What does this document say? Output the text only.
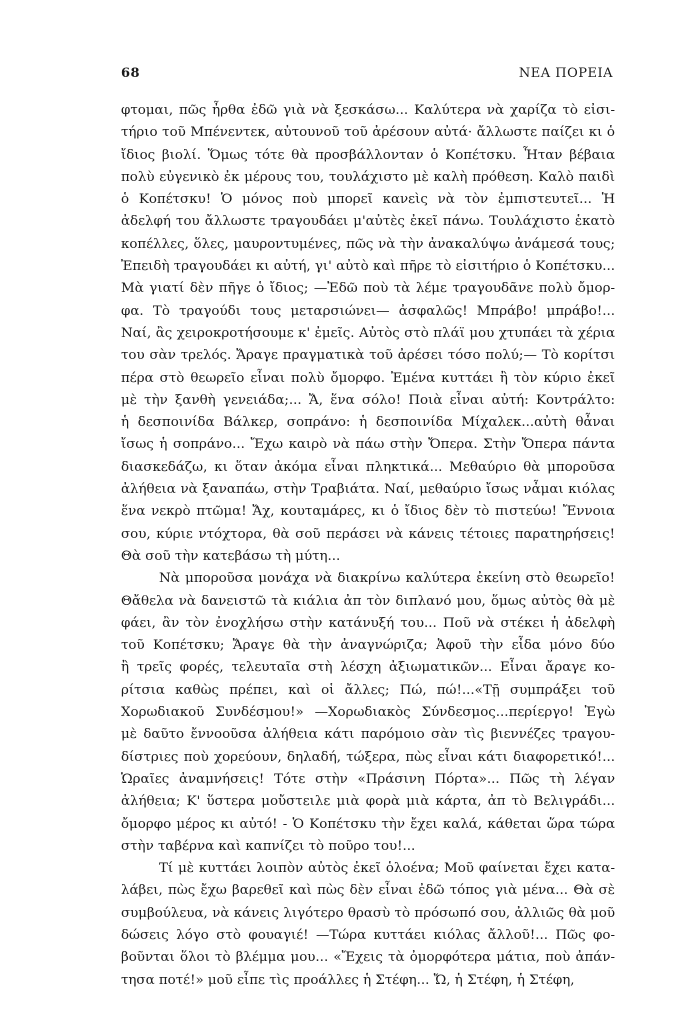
68	ΝΕΑ ΠΟΡΕΙΑ
φτομαι, πῶς ἦρθα ἐδῶ γιὰ νὰ ξεσκάσω... Καλύτερα νὰ χαρίζα τὸ εἰσι-
τήριο τοῦ Μπένεντεκ, αὐτουνοῦ τοῦ ἀρέσουν αὐτά· ἄλλωστε παίζει κι ὁ
ἴδιος βιολί. Ὅμως τότε θὰ προσβάλλονταν ὁ Κοπέτσκυ. Ἦταν βέβαια
πολὺ εὐγενικὸ ἐκ μέρους του, τουλάχιστο μὲ καλὴ πρόθεση. Καλὸ παιδὶ
ὁ Κοπέτσκυ! Ὁ μόνος ποὺ μπορεῖ κανεὶς νὰ τὸν ἐμπιστευτεῖ... Ἡ
ἀδελφή του ἄλλωστε τραγουδάει μ'αὐτὲς ἐκεῖ πάνω. Τουλάχιστο ἑκατὸ
κοπέλλες, ὅλες, μαυροντυμένες, πῶς νὰ τὴν ἀνακαλύψω ἀνάμεσά τους;
Ἐπειδὴ τραγουδάει κι αὐτή, γι' αὐτὸ καὶ πῆρε τὸ εἰσιτήριο ὁ Κοπέτσκυ...
Μὰ γιατί δὲν πῆγε ὁ ἴδιος; —Ἐδῶ ποὺ τὰ λέμε τραγουδᾶνε πολὺ ὄμορ-
φα. Τὸ τραγούδι τους μεταρσιώνει— ἀσφαλῶς! Μπράβο! μπράβο!...
Ναί, ἂς χειροκροτήσουμε κ' ἐμεῖς. Αὐτὸς στὸ πλάϊ μου χτυπάει τὰ χέρια
του σὰν τρελός. Ἄραγε πραγματικὰ τοῦ ἀρέσει τόσο πολύ;— Τὸ κορίτσι
πέρα στὸ θεωρεῖο εἶναι πολὺ ὄμορφο. Ἐμένα κυττάει ἢ τὸν κύριο ἐκεῖ
μὲ τὴν ξανθὴ γενειάδα;... Ἄ, ἕνα σόλο! Ποιὰ εἶναι αὐτή: Κοντράλτο:
ἡ δεσποινίδα Βάλκερ, σοπράνο: ἡ δεσποινίδα Μίχαλεκ...αὐτὴ θἆναι
ἴσως ἡ σοπράνο... Ἔχω καιρὸ νὰ πάω στὴν Ὄπερα. Στὴν Ὄπερα πάντα
διασκεδάζω, κι ὅταν ἀκόμα εἶναι πληκτικά... Μεθαύριο θὰ μποροῦσα
ἀλήθεια νὰ ξαναπάω, στὴν Τραβιάτα. Ναί, μεθαύριο ἴσως νἆμαι κιόλας
ἕνα νεκρὸ πτῶμα! Ἄχ, κουταμάρες, κι ὁ ἴδιος δὲν τὸ πιστεύω! Ἔννοια
σου, κύριε ντόχτορα, θὰ σοῦ περάσει νὰ κάνεις τέτοιες παρατηρήσεις!
Θὰ σοῦ τὴν κατεβάσω τὴ μύτη...
Νὰ μποροῦσα μονάχα νὰ διακρίνω καλύτερα ἐκείνη στὸ θεωρεῖο!
Θἄθελα νὰ δανειστῶ τὰ κιάλια ἀπ τὸν διπλανό μου, ὅμως αὐτὸς θὰ μὲ
φάει, ἂν τὸν ἐνοχλήσω στὴν κατάνυξή του... Ποῦ νὰ στέκει ἡ ἀδελφὴ
τοῦ Κοπέτσκυ; Ἄραγε θὰ τὴν ἀναγνώριζα; Ἀφοῦ τὴν εἶδα μόνο δύο
ἢ τρεῖς φορές, τελευταῖα στὴ λέσχη ἀξιωματικῶν... Εἶναι ἄραγε κο-
ρίτσια καθὼς πρέπει, καὶ οἱ ἄλλες; Πώ, πώ!...«Τῇ συμπράξει τοῦ
Χορωδιακοῦ Συνδέσμου!» —Χορωδιακὸς Σύνδεσμος...περίεργο! Ἐγὼ
μὲ δαῦτο ἔννοοῦσα ἀλήθεια κάτι παρόμοιο σὰν τὶς βιεννέζες τραγου-
δίστριες ποὺ χορεύουν, δηλαδή, τώξερα, πὼς εἶναι κάτι διαφορετικό!...
Ὡραῖες ἀναμνήσεις! Τότε στὴν «Πράσινη Πόρτα»... Πῶς τὴ λέγαν
ἀλήθεια; Κ' ὕστερα μοὔστειλε μιὰ φορὰ μιὰ κάρτα, ἀπ τὸ Βελιγράδι...
ὄμορφο μέρος κι αὐτό! - Ὁ Κοπέτσκυ τὴν ἔχει καλά, κάθεται ὥρα τώρα
στὴν ταβέρνα καὶ καπνίζει τὸ ποῦρο του!...
Τί μὲ κυττάει λοιπὸν αὐτὸς ἐκεῖ ὁλοένα; Μοῦ φαίνεται ἔχει κατα-
λάβει, πὼς ἔχω βαρεθεῖ καὶ πὼς δὲν εἶναι ἐδῶ τόπος γιὰ μένα... Θὰ σὲ
συμβούλευα, νὰ κάνεις λιγότερο θρασὺ τὸ πρόσωπό σου, ἀλλιῶς θὰ μοῦ
δώσεις λόγο στὸ φουαγιέ! —Τώρα κυττάει κιόλας ἄλλοῦ!... Πῶς φο-
βοῦνται ὅλοι τὸ βλέμμα μου... «Ἔχεις τὰ ὀμορφότερα μάτια, ποὺ ἀπάν-
τησα ποτέ!» μοῦ εἶπε τὶς προάλλες ἡ Στέφη... Ὤ, ἡ Στέφη, ἡ Στέφη,
